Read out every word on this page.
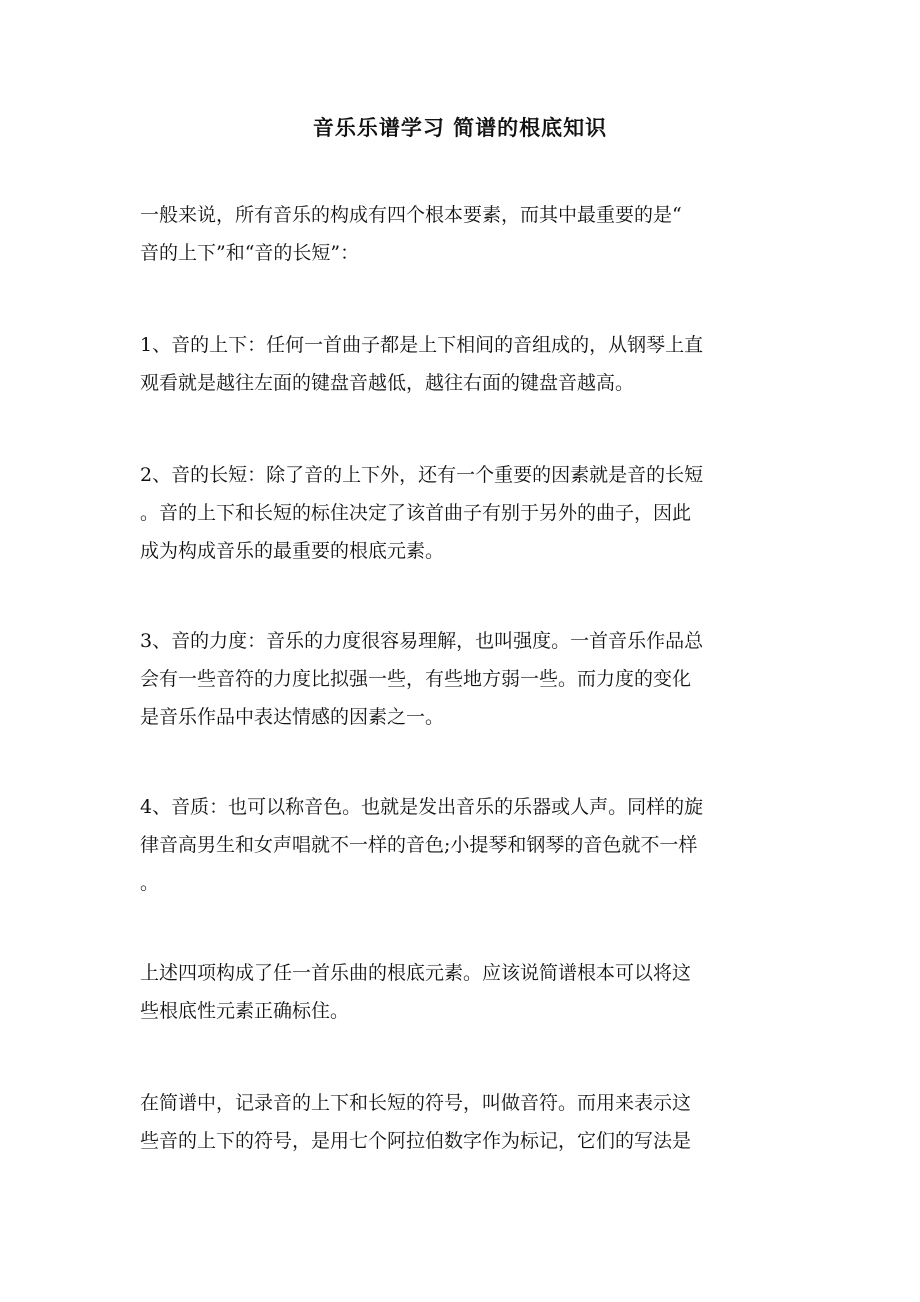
音乐乐谱学习 简谱的根底知识
一般来说，所有音乐的构成有四个根本要素，而其中最重要的是“
音的上下”和“音的长短”：
1、音的上下：任何一首曲子都是上下相间的音组成的，从钢琴上直
观看就是越往左面的键盘音越低，越往右面的键盘音越高。
2、音的长短：除了音的上下外，还有一个重要的因素就是音的长短
。音的上下和长短的标住决定了该首曲子有别于另外的曲子，因此
成为构成音乐的最重要的根底元素。
3、音的力度：音乐的力度很容易理解，也叫强度。一首音乐作品总
会有一些音符的力度比拟强一些，有些地方弱一些。而力度的变化
是音乐作品中表达情感的因素之一。
4、音质：也可以称音色。也就是发出音乐的乐器或人声。同样的旋
律音高男生和女声唱就不一样的音色;小提琴和钢琴的音色就不一样
。
上述四项构成了任一首乐曲的根底元素。应该说简谱根本可以将这
些根底性元素正确标住。
在简谱中，记录音的上下和长短的符号，叫做音符。而用来表示这
些音的上下的符号，是用七个阿拉伯数字作为标记，它们的写法是
